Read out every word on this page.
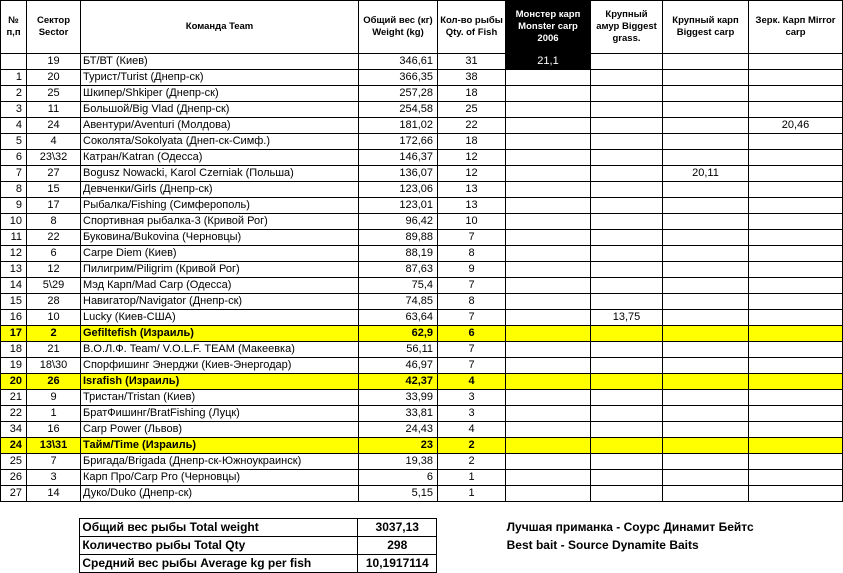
№ п,п	Сектор Sector	Команда Team	Общий вес (кг) Weight (kg)	Кол-во рыбы Qty. of Fish	Монстер карп Monster carp 2006	Крупный амур Biggest grass.	Крупный карп Biggest carp	Зерк. Карп Mirror carp
	19	БТ/ВТ (Киев)	346,61	31	21,1			
1	20	Турист/Turist (Днепр-ск)	366,35	38				
2	25	Шкипер/Shkiper (Днепр-ск)	257,28	18				
3	11	Большой/Big Vlad (Днепр-ск)	254,58	25				
4	24	Авентури/Aventuri (Молдова)	181,02	22				20,46
5	4	Соколята/Sokolyata (Днеп-ск-Симф.)	172,66	18				
6	23\32	Катран/Katran (Одесса)	146,37	12				
7	27	Bogusz Nowacki, Karol Czerniak (Польша)	136,07	12			20,11	
8	15	Девченки/Girls (Днепр-ск)	123,06	13				
9	17	Рыбалка/Fishing (Симферополь)	123,01	13				
10	8	Спортивная рыбалка-3 (Кривой Рог)	96,42	10				
11	22	Буковина/Bukovina (Черновцы)	89,88	7				
12	6	Carpe Diem (Киев)	88,19	8				
13	12	Пилигрим/Piligrim (Кривой Рог)	87,63	9				
14	5\29	Мэд Карп/Mad Carp (Одесса)	75,4	7				
15	28	Навигатор/Navigator (Днепр-ск)	74,85	8				
16	10	Lucky (Киев-США)	63,64	7		13,75		
17	2	Gefiltefish (Израиль)	62,9	6				
18	21	В.О.Л.Ф. Team/ V.O.L.F. TEAM (Макеевка)	56,11	7				
19	18\30	Спорфишинг Энерджи (Киев-Энергодар)	46,97	7				
20	26	Israfish (Израиль)	42,37	4				
21	9	Тристан/Tristan (Киев)	33,99	3				
22	1	БратФишинг/BratFishing (Луцк)	33,81	3				
34	16	Carp Power (Львов)	24,43	4				
24	13\31	Тайм/Time (Израиль)	23	2				
25	7	Бригада/Brigada (Днепр-ск-Южноукраинск)	19,38	2				
26	3	Карп Про/Carp Pro (Черновцы)	6	1				
27	14	Дуко/Duko (Днепр-ск)	5,15	1				
	Общий вес рыбы Total weight	3037,13		Лучшая приманка - Соурс Динамит Бейтс
	Количество рыбы Total Qty	298		Best bait - Source Dynamite Baits
	Средний вес рыбы Average kg per fish	10,1917114		
